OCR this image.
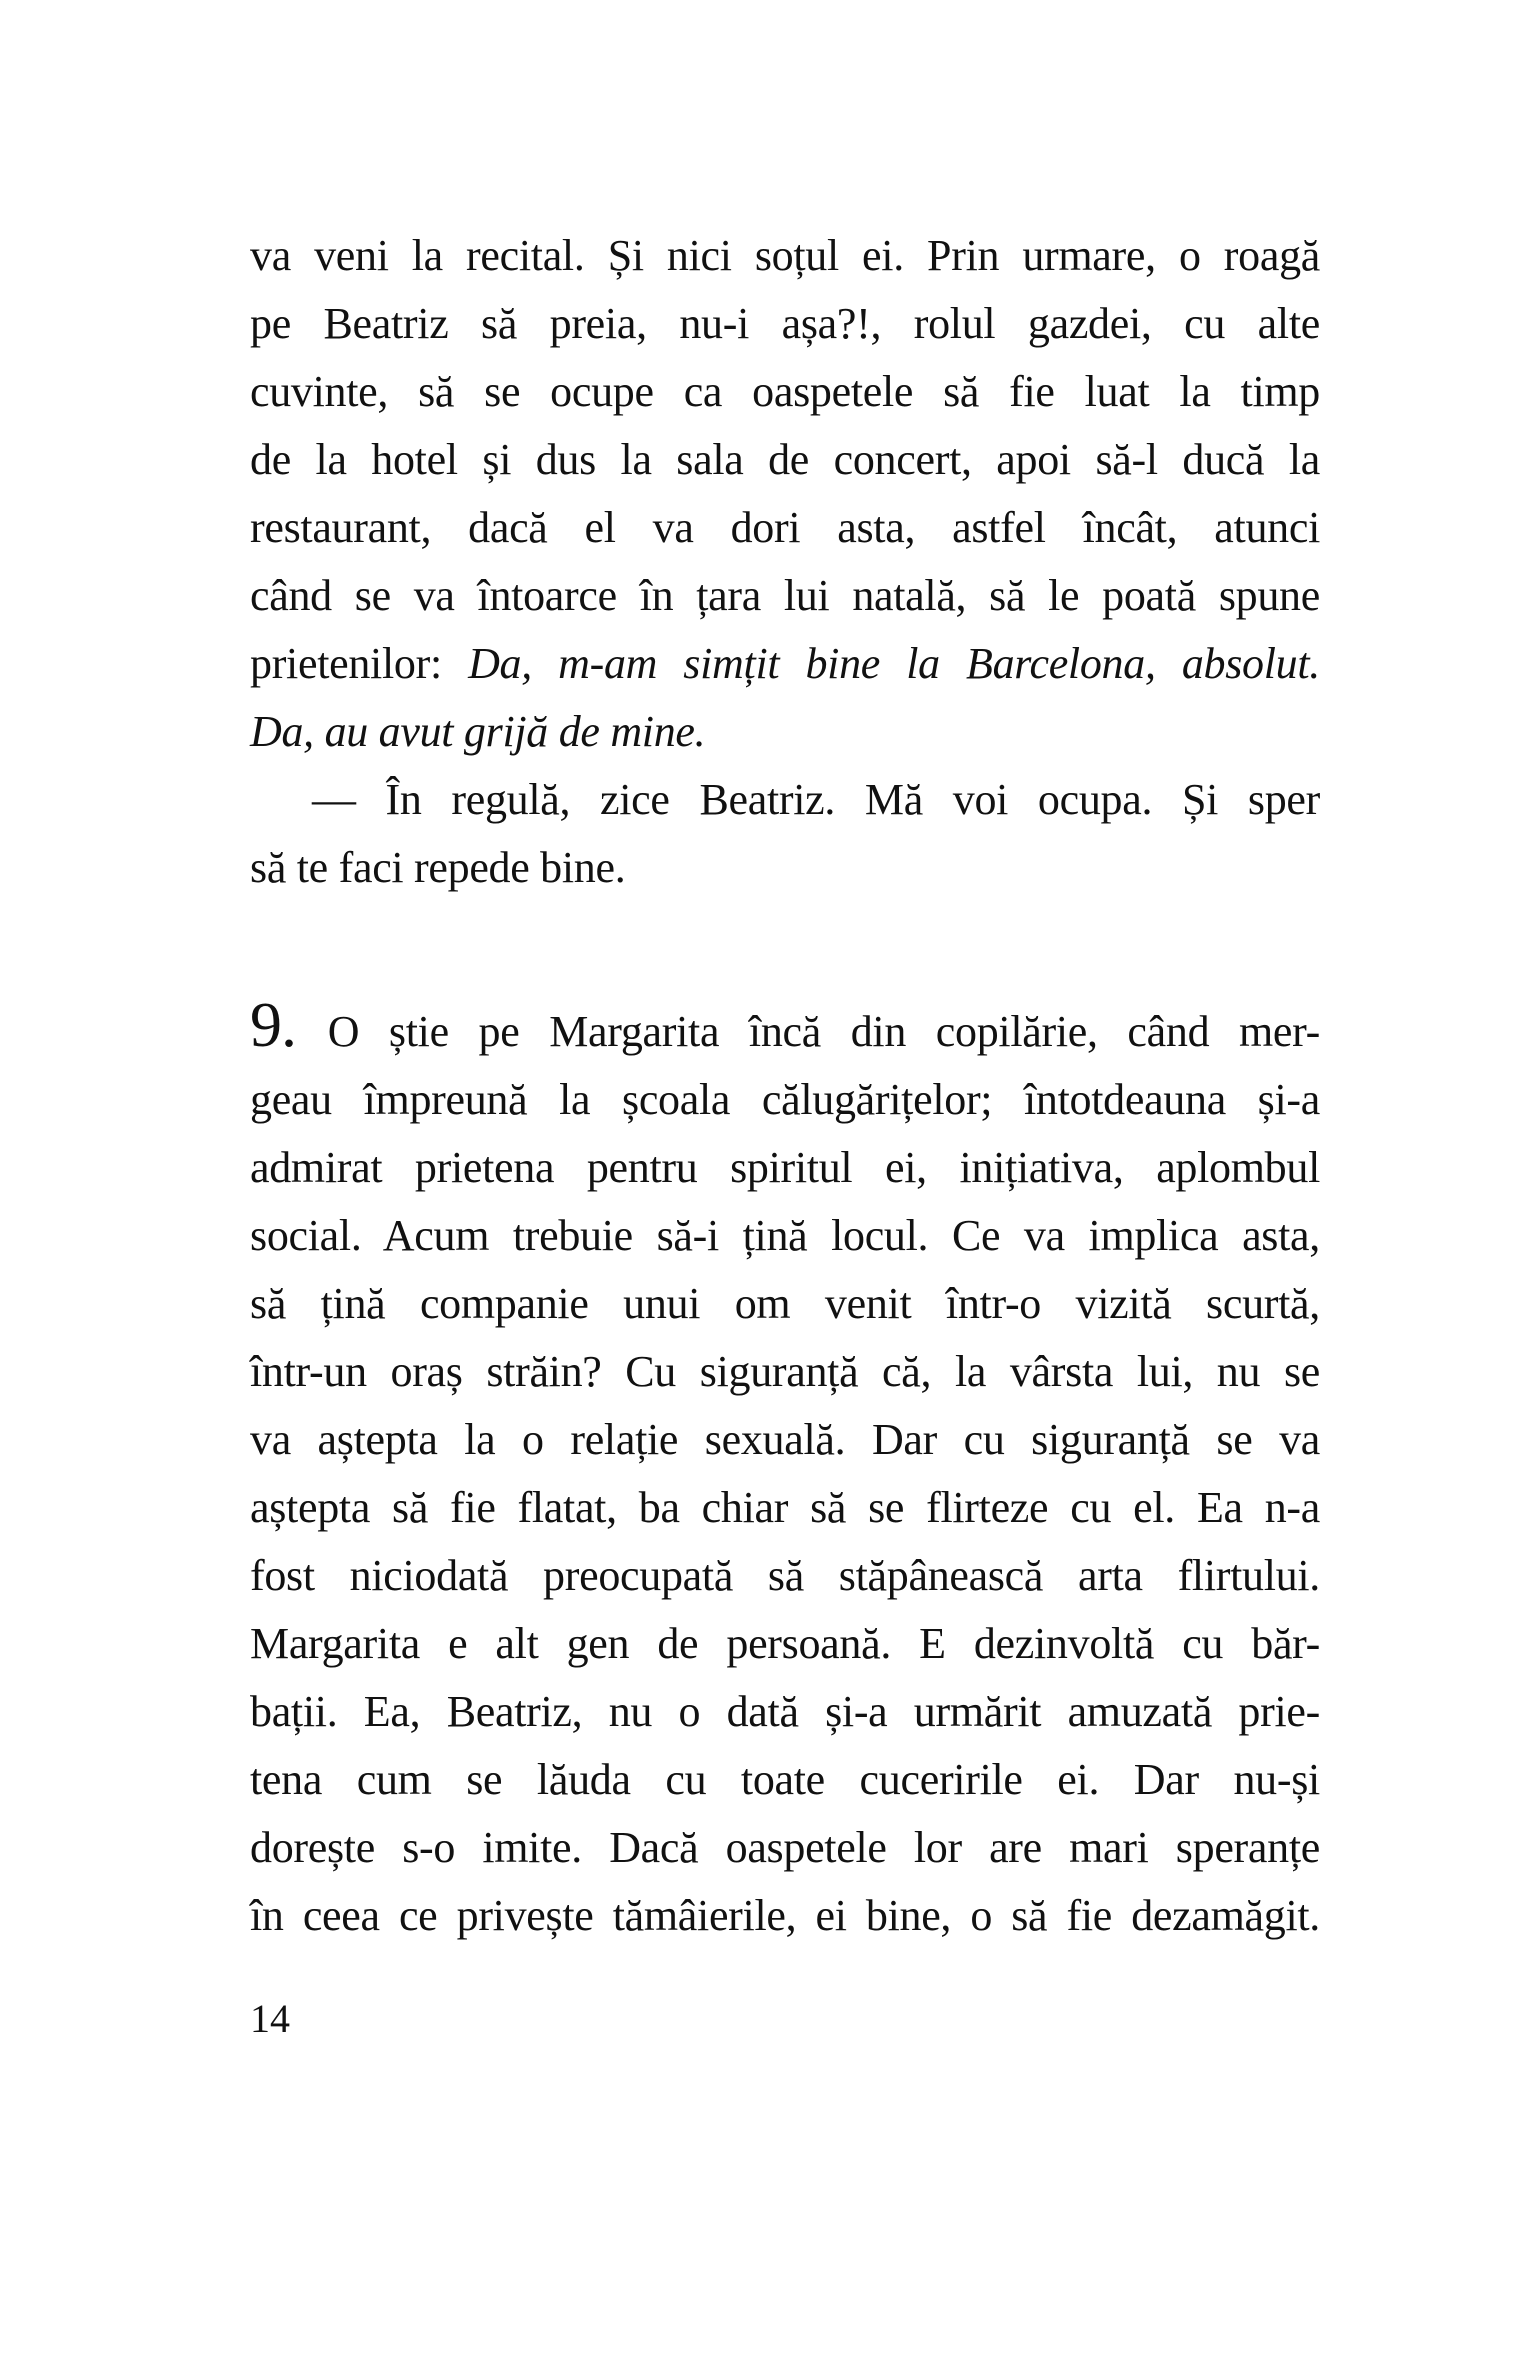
va veni la recital. Și nici soțul ei. Prin urmare, o roagă
pe Beatriz să preia, nu-i așa?!, rolul gazdei, cu alte
cuvinte, să se ocupe ca oaspetele să fie luat la timp
de la hotel și dus la sala de concert, apoi să-l ducă la
restaurant, dacă el va dori asta, astfel încât, atunci
când se va întoarce în țara lui natală, să le poată spune
prietenilor: Da, m-am simțit bine la Barcelona, absolut.
Da, au avut grijă de mine.
— În regulă, zice Beatriz. Mă voi ocupa. Și sper
să te faci repede bine.
9. O știe pe Margarita încă din copilărie, când mer-
geau împreună la școala călugărițelor; întotdeauna și-a
admirat prietena pentru spiritul ei, inițiativa, aplombul
social. Acum trebuie să-i țină locul. Ce va implica asta,
să țină companie unui om venit într-o vizită scurtă,
într-un oraș străin? Cu siguranță că, la vârsta lui, nu se
va aștepta la o relație sexuală. Dar cu siguranță se va
aștepta să fie flatat, ba chiar să se flirteze cu el. Ea n-a
fost niciodată preocupată să stăpânească arta flirtului.
Margarita e alt gen de persoană. E dezinvoltă cu băr-
bații. Ea, Beatriz, nu o dată și-a urmărit amuzată prie-
tena cum se lăuda cu toate cuceririle ei. Dar nu-și
dorește s-o imite. Dacă oaspetele lor are mari speranțe
în ceea ce privește tămâierile, ei bine, o să fie dezamăgit.
14
